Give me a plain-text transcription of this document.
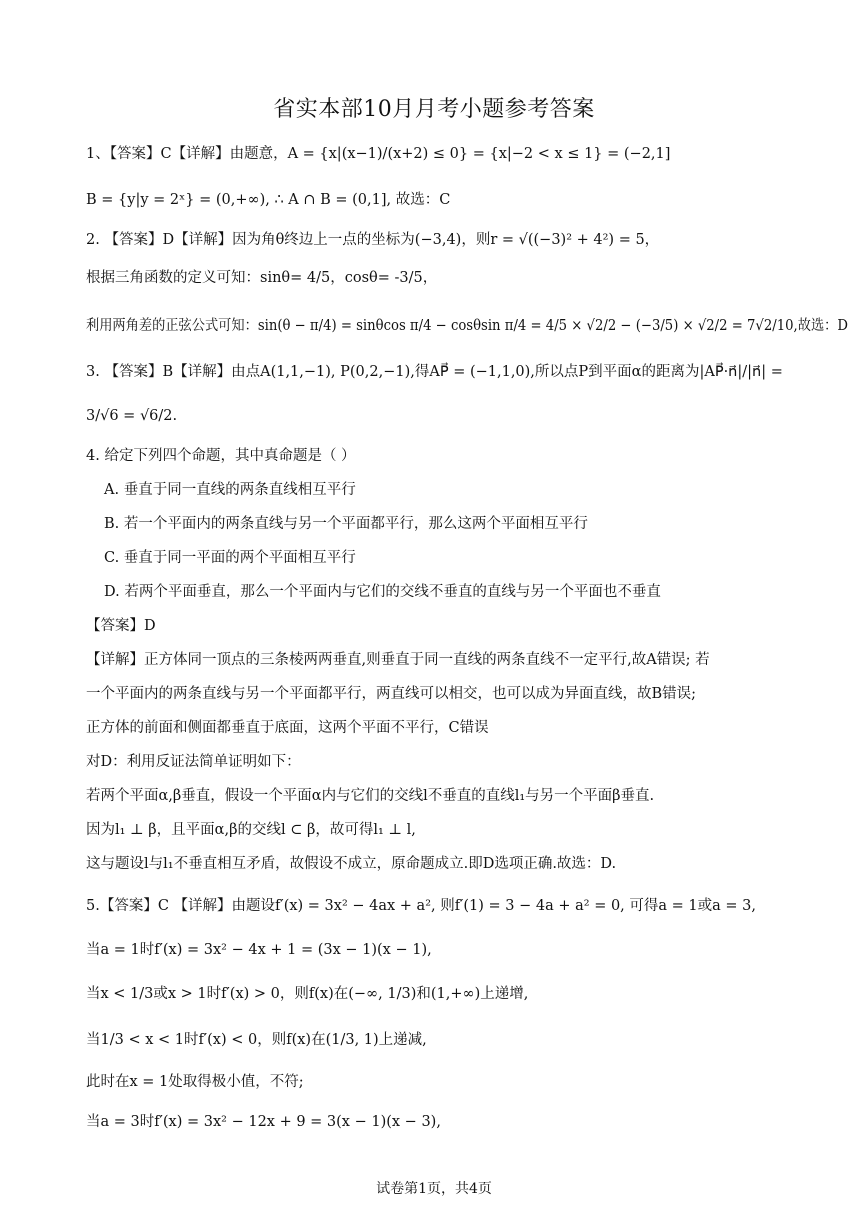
省实本部10月月考小题参考答案
1、【答案】C【详解】由题意，A = {x|(x−1)/(x+2) ≤ 0} = {x|−2 < x ≤ 1} = (−2,1]
B = {y|y = 2ˣ} = (0,+∞), ∴ A ∩ B = (0,1], 故选：C
2. 【答案】D【详解】因为角θ终边上一点的坐标为(−3,4)，则r = √((−3)² + 4²) = 5，
根据三角函数的定义可知：sinθ= 4/5，cosθ= -3/5，
利用两角差的正弦公式可知：sin(θ − π/4) = sinθcos π/4 − cosθsin π/4 = 4/5 × √2/2 − (−3/5) × √2/2 = 7√2/10,故选：D
3. 【答案】B【详解】由点A(1,1,−1), P(0,2,−1),得AP⃗ = (−1,1,0),所以点P到平面α的距离为|AP⃗·n⃗|/|n⃗| =
3/√6 = √6/2.
4. 给定下列四个命题，其中真命题是（ ）
A. 垂直于同一直线的两条直线相互平行
B. 若一个平面内的两条直线与另一个平面都平行，那么这两个平面相互平行
C. 垂直于同一平面的两个平面相互平行
D. 若两个平面垂直，那么一个平面内与它们的交线不垂直的直线与另一个平面也不垂直
【答案】D
【详解】正方体同一顶点的三条棱两两垂直,则垂直于同一直线的两条直线不一定平行,故A错误; 若
一个平面内的两条直线与另一个平面都平行，两直线可以相交，也可以成为异面直线，故B错误;
正方体的前面和侧面都垂直于底面，这两个平面不平行，C错误
对D：利用反证法简单证明如下：
若两个平面α,β垂直，假设一个平面α内与它们的交线l不垂直的直线l₁与另一个平面β垂直.
因为l₁ ⊥ β，且平面α,β的交线l ⊂ β，故可得l₁ ⊥ l,
这与题设l与l₁不垂直相互矛盾，故假设不成立，原命题成立.即D选项正确.故选：D.
5.【答案】C 【详解】由题设f′(x) = 3x² − 4ax + a², 则f′(1) = 3 − 4a + a² = 0, 可得a = 1或a = 3,
当a = 1时f′(x) = 3x² − 4x + 1 = (3x − 1)(x − 1),
当x < 1/3或x > 1时f′(x) > 0，则f(x)在(−∞, 1/3)和(1,+∞)上递增,
当1/3 < x < 1时f′(x) < 0，则f(x)在(1/3, 1)上递减,
此时在x = 1处取得极小值，不符;
当a = 3时f′(x) = 3x² − 12x + 9 = 3(x − 1)(x − 3),
试卷第1页，共4页
